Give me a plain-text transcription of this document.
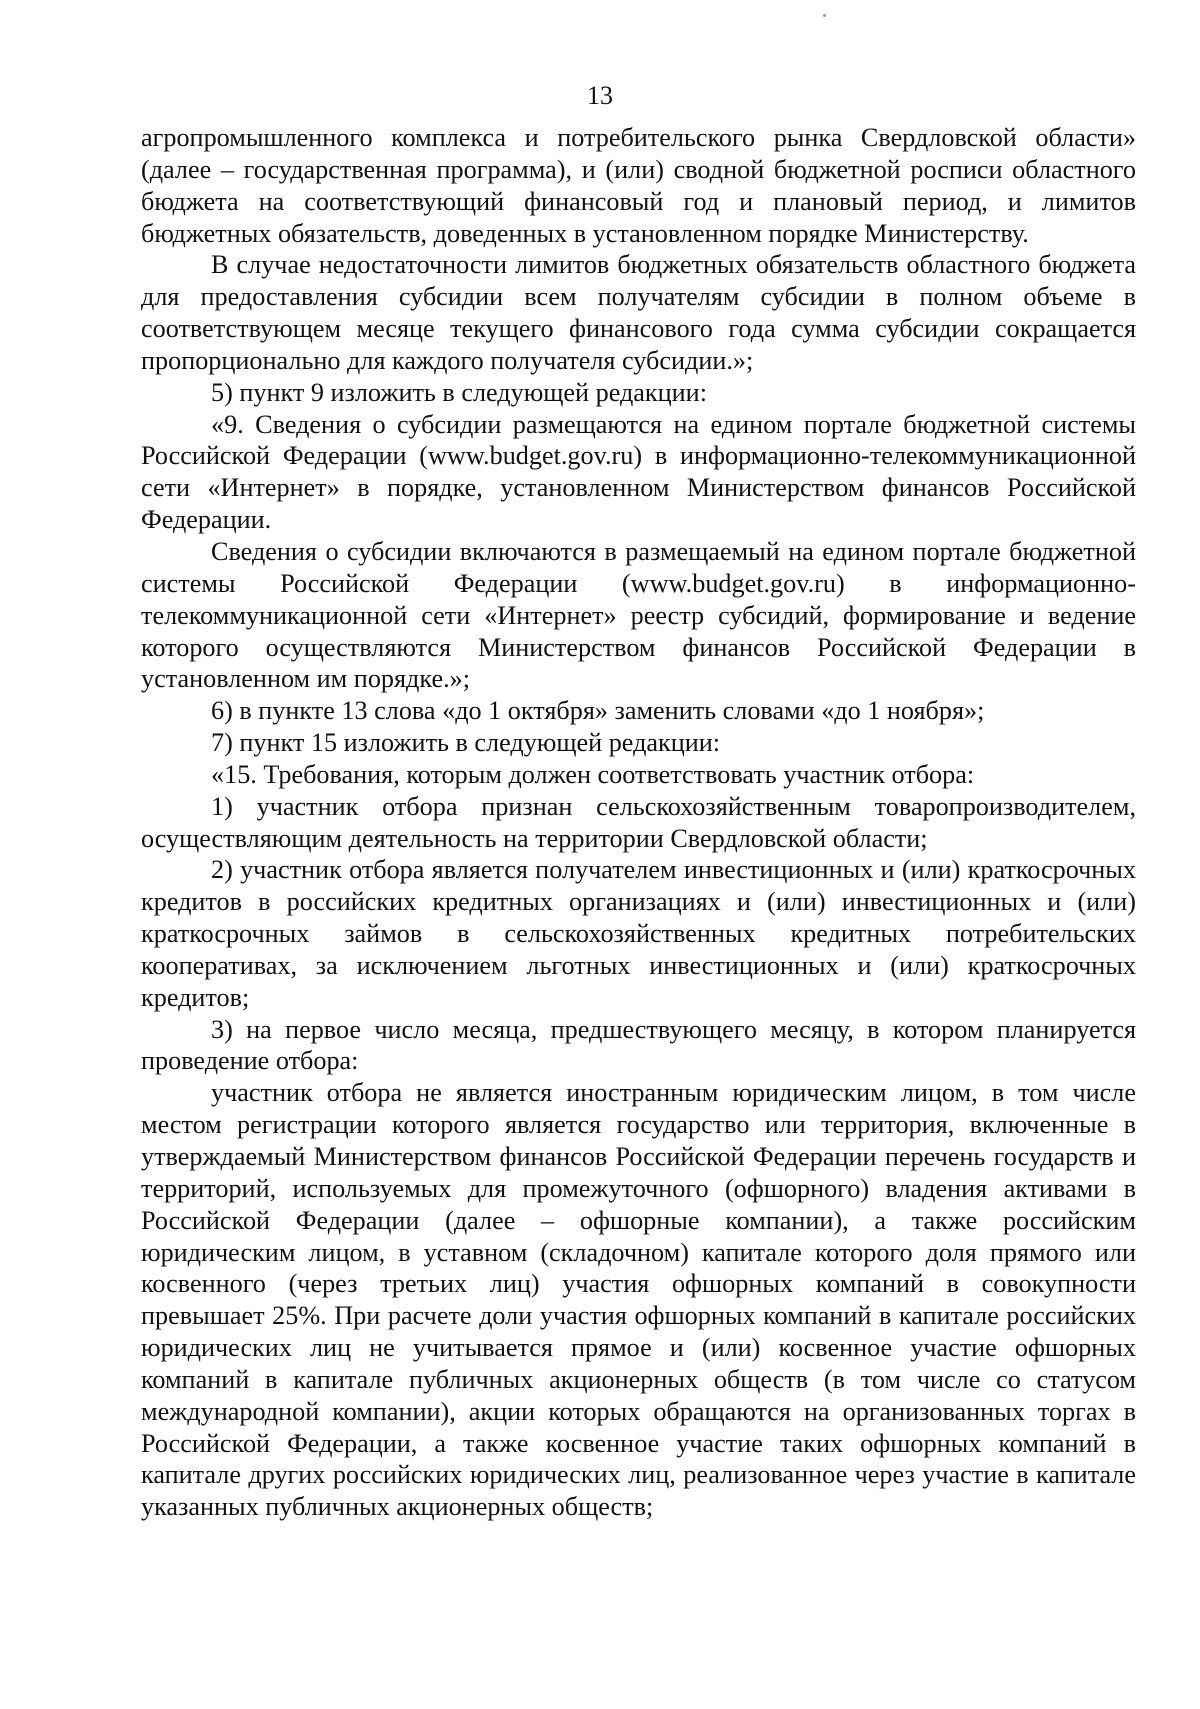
13

агропромышленного комплекса и потребительского рынка Свердловской области» (далее – государственная программа), и (или) сводной бюджетной росписи областного бюджета на соответствующий финансовый год и плановый период, и лимитов бюджетных обязательств, доведенных в установленном порядке Министерству.

В случае недостаточности лимитов бюджетных обязательств областного бюджета для предоставления субсидии всем получателям субсидии в полном объеме в соответствующем месяце текущего финансового года сумма субсидии сокращается пропорционально для каждого получателя субсидии.»;

5) пункт 9 изложить в следующей редакции:

«9. Сведения о субсидии размещаются на едином портале бюджетной системы Российской Федерации (www.budget.gov.ru) в информационно-телекоммуникационной сети «Интернет» в порядке, установленном Министерством финансов Российской Федерации.

Сведения о субсидии включаются в размещаемый на едином портале бюджетной системы Российской Федерации (www.budget.gov.ru) в информационно-телекоммуникационной сети «Интернет» реестр субсидий, формирование и ведение которого осуществляются Министерством финансов Российской Федерации в установленном им порядке.»;

6) в пункте 13 слова «до 1 октября» заменить словами «до 1 ноября»;

7) пункт 15 изложить в следующей редакции:

«15. Требования, которым должен соответствовать участник отбора:

1) участник отбора признан сельскохозяйственным товаропроизводителем, осуществляющим деятельность на территории Свердловской области;

2) участник отбора является получателем инвестиционных и (или) краткосрочных кредитов в российских кредитных организациях и (или) инвестиционных и (или) краткосрочных займов в сельскохозяйственных кредитных потребительских кооперативах, за исключением льготных инвестиционных и (или) краткосрочных кредитов;

3) на первое число месяца, предшествующего месяцу, в котором планируется проведение отбора:

участник отбора не является иностранным юридическим лицом, в том числе местом регистрации которого является государство или территория, включенные в утверждаемый Министерством финансов Российской Федерации перечень государств и территорий, используемых для промежуточного (офшорного) владения активами в Российской Федерации (далее – офшорные компании), а также российским юридическим лицом, в уставном (складочном) капитале которого доля прямого или косвенного (через третьих лиц) участия офшорных компаний в совокупности превышает 25%. При расчете доли участия офшорных компаний в капитале российских юридических лиц не учитывается прямое и (или) косвенное участие офшорных компаний в капитале публичных акционерных обществ (в том числе со статусом международной компании), акции которых обращаются на организованных торгах в Российской Федерации, а также косвенное участие таких офшорных компаний в капитале других российских юридических лиц, реализованное через участие в капитале указанных публичных акционерных обществ;
